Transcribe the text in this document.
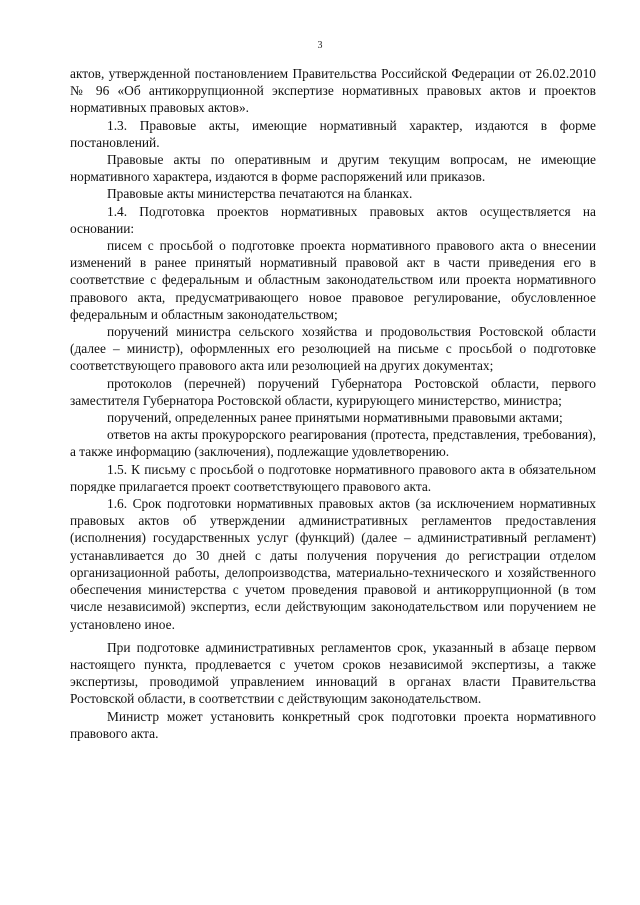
3

актов, утвержденной постановлением Правительства Российской Федерации от 26.02.2010 № 96 «Об антикоррупционной экспертизе нормативных правовых актов и проектов нормативных правовых актов».

1.3. Правовые акты, имеющие нормативный характер, издаются в форме постановлений.

Правовые акты по оперативным и другим текущим вопросам, не имеющие нормативного характера, издаются в форме распоряжений или приказов.

Правовые акты министерства печатаются на бланках.

1.4. Подготовка проектов нормативных правовых актов осуществляется на основании:

писем с просьбой о подготовке проекта нормативного правового акта о внесении изменений в ранее принятый нормативный правовой акт в части приведения его в соответствие с федеральным и областным законодательством или проекта нормативного правового акта, предусматривающего новое правовое регулирование, обусловленное федеральным и областным законодательством;

поручений министра сельского хозяйства и продовольствия Ростовской области (далее – министр), оформленных его резолюцией на письме с просьбой о подготовке соответствующего правового акта или резолюцией на других документах;

протоколов (перечней) поручений Губернатора Ростовской области, первого заместителя Губернатора Ростовской области, курирующего министерство, министра;

поручений, определенных ранее принятыми нормативными правовыми актами;

ответов на акты прокурорского реагирования (протеста, представления, требования), а также информацию (заключения), подлежащие удовлетворению.

1.5. К письму с просьбой о подготовке нормативного правового акта в обязательном порядке прилагается проект соответствующего правового акта.

1.6. Срок подготовки нормативных правовых актов (за исключением нормативных правовых актов об утверждении административных регламентов предоставления (исполнения) государственных услуг (функций) (далее – административный регламент) устанавливается до 30 дней с даты получения поручения до регистрации отделом организационной работы, делопроизводства, материально-технического и хозяйственного обеспечения министерства с учетом проведения правовой и антикоррупционной (в том числе независимой) экспертиз, если действующим законодательством или поручением не установлено иное.

При подготовке административных регламентов срок, указанный в абзаце первом настоящего пункта, продлевается с учетом сроков независимой экспертизы, а также экспертизы, проводимой управлением инноваций в органах власти Правительства Ростовской области, в соответствии с действующим законодательством.

Министр может установить конкретный срок подготовки проекта нормативного правового акта.
